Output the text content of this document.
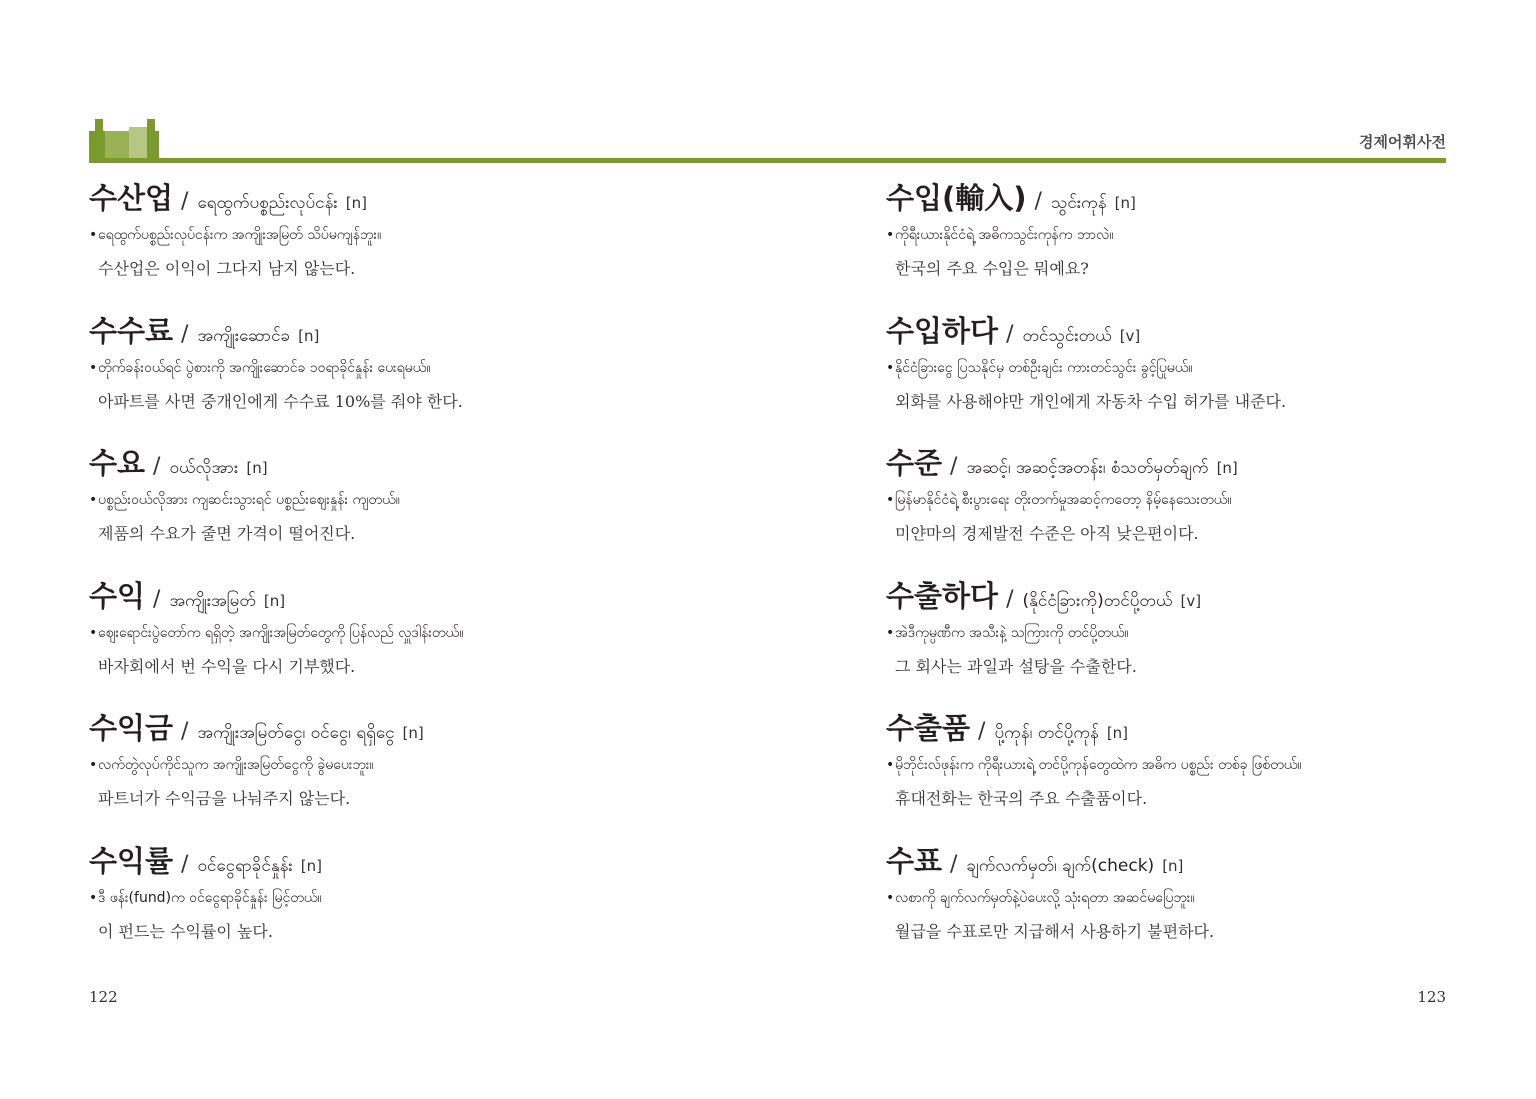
경제어휘사전
수산업 / ရေထွက်ပစ္စည်းလုပ်ငန်း [n]
•ရေထွက်ပစ္စည်းလုပ်ငန်းက အကျိုးအမြတ် သိပ်မကျန်ဘူး။
수산업은 이익이 그다지 남지 않는다.
수수료 / အကျိုးဆောင်ခ [n]
•တိုက်ခန်းဝယ်ရင် ပွဲစားကို အကျိုးဆောင်ခ ၁၀ရာခိုင်နှုန်း ပေးရမယ်။
아파트를 사면 중개인에게 수수료 10%를 줘야 한다.
수요 / ဝယ်လိုအား [n]
•ပစ္စည်းဝယ်လိုအား ကျဆင်းသွားရင် ပစ္စည်းဈေးနှုန်း ကျတယ်။
제품의 수요가 줄면 가격이 떨어진다.
수익 / အကျိုးအမြတ် [n]
•ဈေးရောင်းပွဲတော်က ရရှိတဲ့ အကျိုးအမြတ်တွေကို ပြန်လည် လှူဒါန်းတယ်။
바자회에서 번 수익을 다시 기부했다.
수익금 / အကျိုးအမြတ်ငွေ၊ ဝင်ငွေ၊ ရရှိငွေ [n]
•လက်တွဲလုပ်ကိုင်သူက အကျိုးအမြတ်ငွေကို ခွဲမပေးဘူး။
파트너가 수익금을 나눠주지 않는다.
수익률 / ဝင်ငွေရာခိုင်နှုန်း [n]
•ဒီ ဖန်း(fund)က ဝင်ငွေရာခိုင်နှုန်း မြင့်တယ်။
이 펀드는 수익률이 높다.
수입(輸入) / သွင်းကုန် [n]
•ကိုရီးယားနိုင်ငံရဲ့ အဓိကသွင်းကုန်က ဘာလဲ။
한국의 주요 수입은 뭐예요?
수입하다 / တင်သွင်းတယ် [v]
•နိုင်ငံခြားငွေ ပြသနိုင်မှ တစ်ဦးချင်း ကားတင်သွင်း ခွင့်ပြုမယ်။
외화를 사용해야만 개인에게 자동차 수입 허가를 내준다.
수준 / အဆင့်၊ အဆင့်အတန်း၊ စံသတ်မှတ်ချက် [n]
•မြန်မာနိုင်ငံရဲ့ စီးပွားရေး တိုးတက်မှုအဆင့်ကတော့ နိမ့်နေသေးတယ်။
미얀마의 경제발전 수준은 아직 낮은편이다.
수출하다 / (နိုင်ငံခြားကို)တင်ပို့တယ် [v]
•အဲဒီကုမ္ပဏီက အသီးနဲ့ သကြားကို တင်ပို့တယ်။
그 회사는 과일과 설탕을 수출한다.
수출품 / ပို့ကုန်၊ တင်ပို့ကုန် [n]
•မိုဘိုင်းလ်ဖုန်းက ကိုရီးယားရဲ့ တင်ပို့ကုန်တွေထဲက အဓိက ပစ္စည်း တစ်ခု ဖြစ်တယ်။
휴대전화는 한국의 주요 수출품이다.
수표 / ချက်လက်မှတ်၊ ချက်(check) [n]
•လစာကို ချက်လက်မှတ်နဲ့ပဲပေးလို့ သုံးရတာ အဆင်မပြေဘူး။
월급을 수표로만 지급해서 사용하기 불편하다.
122	123
